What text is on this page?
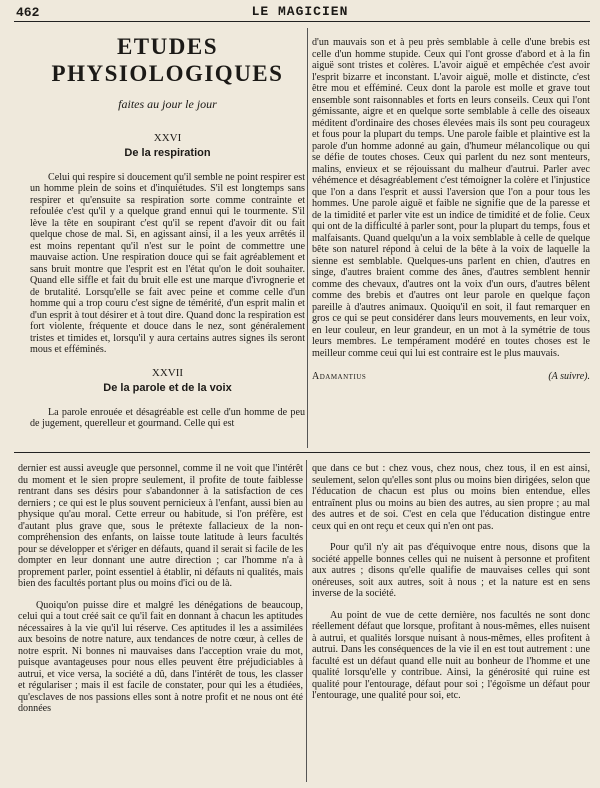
462	LE MAGICIEN
ETUDES PHYSIOLOGIQUES
faites au jour le jour
XXVI
De la respiration

Celui qui respire si doucement qu'il semble ne point respirer est un homme plein de soins et d'inquiétudes. S'il est longtemps sans respirer et qu'ensuite sa respiration sorte comme contrainte et refoulée c'est qu'il y a quelque grand ennui qui le tourmente. S'il lève la tête en soupirant c'est qu'il se repent d'avoir dit ou fait quelque chose de mal. Si, en agissant ainsi, il a les yeux arrêtés il est moins repentant qu'il n'est sur le point de commettre une mauvaise action. Une respiration douce qui se fait agréablement et sans bruit montre que l'esprit est en l'état qu'on le doit souhaiter. Quand elle siffle et fait du bruit elle est une marque d'ivrognerie et de brutalité. Lorsqu'elle se fait avec peine et comme celle d'un homme qui a trop couru c'est signe de témérité, d'un esprit malin et d'un esprit à tout désirer et à tout dire. Quand donc la respiration est fort violente, fréquente et douce dans le nez, sont généralement tristes et timides et, lorsqu'il y aura certains autres signes ils seront mous et efféminés.

XXVII
De la parole et de la voix

La parole enrouée et désagréable est celle d'un homme de peu de jugement, querelleur et gourmand. Celle qui est

d'un mauvais son et à peu près semblable à celle d'une brebis est celle d'un homme stupide. Ceux qui l'ont grosse d'abord et à la fin aiguë sont tristes et colères. L'avoir aiguë et empêchée c'est avoir l'esprit bizarre et inconstant. L'avoir aiguë, molle et distincte, c'est être mou et efféminé. Ceux dont la parole est molle et grave tout ensemble sont raisonnables et forts en leurs conseils. Ceux qui l'ont gémissante, aigre et en quelque sorte semblable à celle des oiseaux méditent d'ordinaire des choses élevées mais ils sont peu courageux et fous pour la plupart du temps. Une parole faible et plaintive est la parole d'un homme adonné au gain, d'humeur mélancolique ou qui se défie de toutes choses. Ceux qui parlent du nez sont menteurs, malins, envieux et se réjouissant du malheur d'autrui. Parler avec véhémence et désagréablement c'est témoigner la colère et l'injustice que l'on a dans l'esprit et aussi l'aversion que l'on a pour tous les hommes. Une parole aiguë et faible ne signifie que de la paresse et de la timidité et parler vite est un indice de timidité et de folie. Ceux qui ont de la difficulté à parler sont, pour la plupart du temps, fous et malfaisants. Quand quelqu'un a la voix semblable à celle de quelque bête son naturel répond à celui de la bête à la voix de laquelle la sienne est semblable. Quelques-uns parlent en chien, d'autres en singe, d'autres braient comme des ânes, d'autres semblent hennir comme des chevaux, d'autres ont la voix d'un ours, d'autres bêlent comme des brebis et d'autres ont leur parole en quelque façon pareille à d'autres animaux. Quoiqu'il en soit, il faut remarquer en gros ce qui se peut considérer dans leurs mouvements, en leur voix, en leur couleur, en leur grandeur, en un mot à la symétrie de tous leurs membres. Le tempérament modéré en toutes choses est le meilleur comme ceui qui lui est contraire est le plus mauvais.

Adamantius	(A suivre).

dernier est aussi aveugle que personnel, comme il ne voit que l'intérêt du moment et le sien propre seulement, il profite de toute faiblesse rentrant dans ses désirs pour s'abandonner à la satisfaction de ces derniers ; ce qui est le plus souvent pernicieux à l'enfant, aussi bien au physique qu'au moral. Cette erreur ou habitude, si l'on préfère, est d'autant plus grave que, sous le prétexte fallacieux de la non-compréhension des enfants, on laisse toute latitude à leurs facultés pour se développer et s'ériger en défauts, quand il serait si facile de les dompter en leur donnant une autre direction ; car l'homme n'a à proprement parler, point essentiel à établir, ni défauts ni qualités, mais bien des facultés portant plus ou moins d'ici ou de là.

Quoiqu'on puisse dire et malgré les dénégations de beaucoup, celui qui a tout créé sait ce qu'il fait en donnant à chacun les aptitudes nécessaires à la vie qu'il lui réserve. Ces aptitudes il les a assimilées aux besoins de notre nature, aux tendances de notre cœur, à celles de notre esprit. Ni bonnes ni mauvaises dans l'acception vraie du mot, puisque avantageuses pour nous elles peuvent être préjudiciables à autrui, et vice versa, la société a dû, dans l'intérêt de tous, les classer et régulariser ; mais il est facile de constater, pour qui les a étudiées, qu'esclaves de nos passions elles sont à notre profit et ne nous ont été données

que dans ce but : chez vous, chez nous, chez tous, il en est ainsi, seulement, selon qu'elles sont plus ou moins bien dirigées, selon que l'éducation de chacun est plus ou moins bien entendue, elles entraînent plus ou moins au bien des autres, au sien propre ; au mal des autres et de soi. C'est en cela que l'éducation distingue entre ceux qui en ont reçu et ceux qui n'en ont pas.

Pour qu'il n'y ait pas d'équivoque entre nous, disons que la société appelle bonnes celles qui ne nuisent à personne et profitent aux autres ; disons qu'elle qualifie de mauvaises celles qui sont onéreuses, soit aux autres, soit à nous ; et la nature est en sens inverse de la société.

Au point de vue de cette dernière, nos facultés ne sont donc réellement défaut que lorsque, profitant à nous-mêmes, elles nuisent à autrui, et qualités lorsque nuisant à nous-mêmes, elles profitent à autrui. Dans les conséquences de la vie il en est tout autrement : une faculté est un défaut quand elle nuit au bonheur de l'homme et une qualité lorsqu'elle y contribue. Ainsi, la générosité qui ruine est qualité pour l'entourage, défaut pour soi ; l'égoïsme un défaut pour l'entourage, une qualité pour soi, etc.
